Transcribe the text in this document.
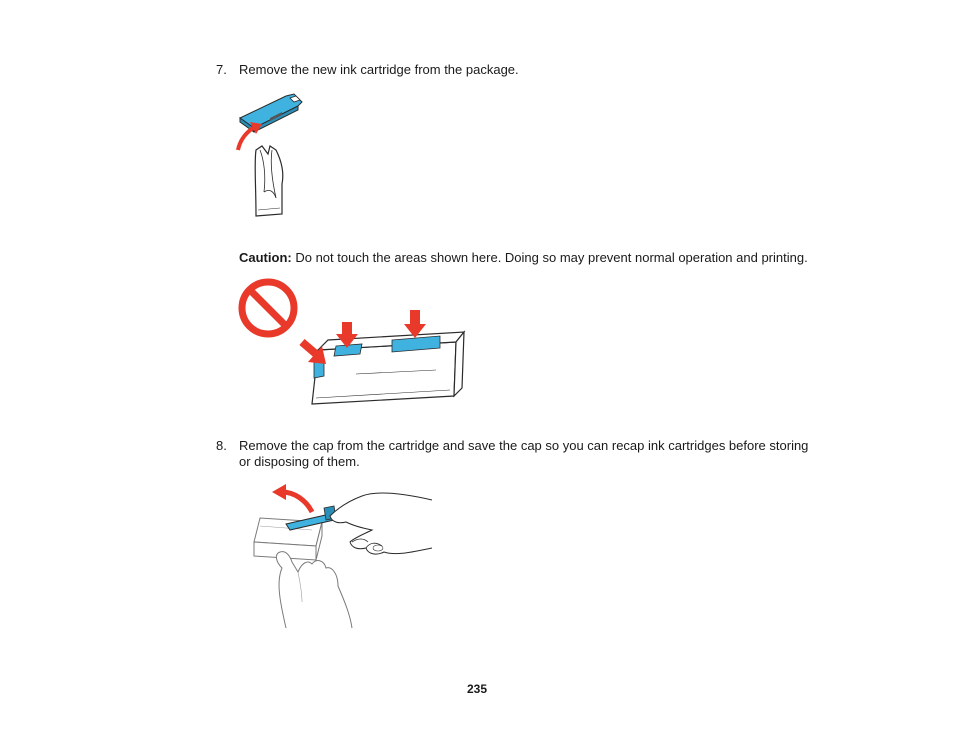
7. Remove the new ink cartridge from the package.
Caution: Do not touch the areas shown here. Doing so may prevent normal operation and printing.
8. Remove the cap from the cartridge and save the cap so you can recap ink cartridges before storing or disposing of them.
235
